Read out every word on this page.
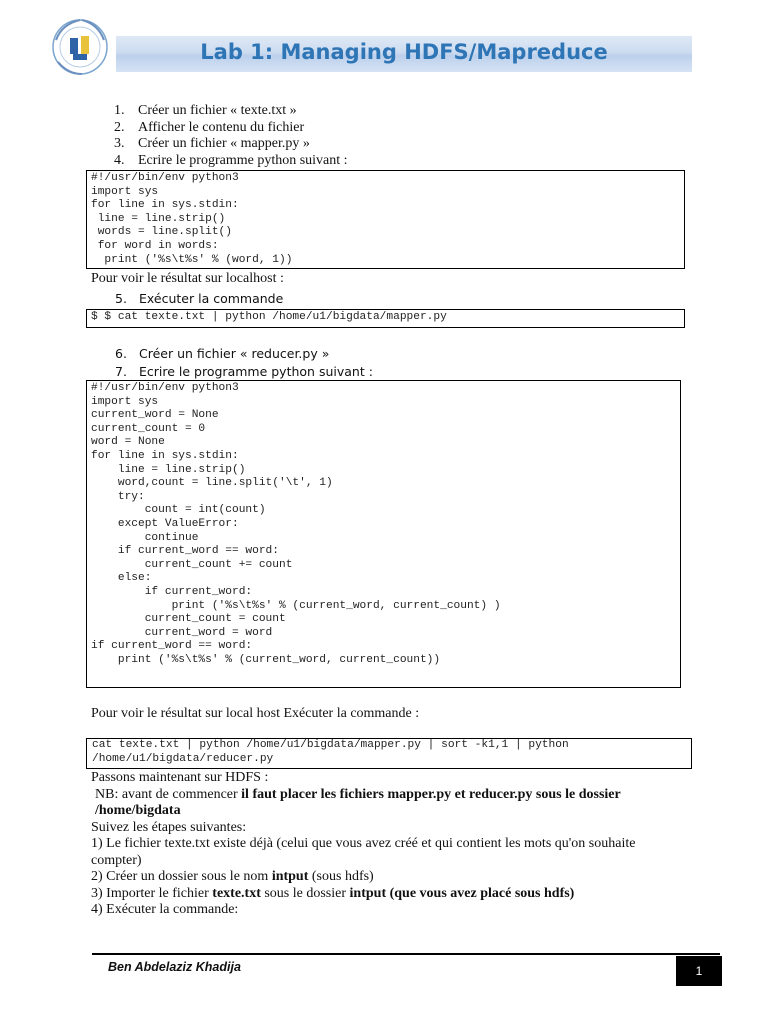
Lab 1: Managing HDFS/Mapreduce
1. Créer un fichier « texte.txt »
2. Afficher le contenu du fichier
3. Créer un fichier « mapper.py »
4. Ecrire le programme python suivant :
#!/usr/bin/env python3
import sys
for line in sys.stdin:
line = line.strip()
words = line.split()
for word in words:
print ('%s\t%s' % (word, 1))
Pour voir le résultat sur localhost :
5. Exécuter la commande
$ $ cat texte.txt | python /home/u1/bigdata/mapper.py
6. Créer un fichier « reducer.py »
7. Ecrire le programme python suivant :
#!/usr/bin/env python3
import sys
current_word = None
current_count = 0
word = None
for line in sys.stdin:
line = line.strip()
word,count = line.split('\t', 1)
try:
count = int(count)
except ValueError:
continue
if current_word == word:
current_count += count
else:
if current_word:
print ('%s\t%s' % (current_word, current_count) )
current_count = count
current_word = word
if current_word == word:
print ('%s\t%s' % (current_word, current_count))
Pour voir le résultat sur local host Exécuter la commande :
cat texte.txt | python /home/u1/bigdata/mapper.py | sort -k1,1 | python
/home/u1/bigdata/reducer.py
Passons maintenant sur HDFS :
NB: avant de commencer il faut placer les fichiers mapper.py et reducer.py sous le dossier /home/bigdata
Suivez les étapes suivantes:
1) Le fichier texte.txt existe déjà (celui que vous avez créé et qui contient les mots qu'on souhaite compter)
2) Créer un dossier sous le nom intput (sous hdfs)
3) Importer le fichier texte.txt sous le dossier intput (que vous avez placé sous hdfs)
4) Exécuter la commande:
Ben Abdelaziz Khadija	1
